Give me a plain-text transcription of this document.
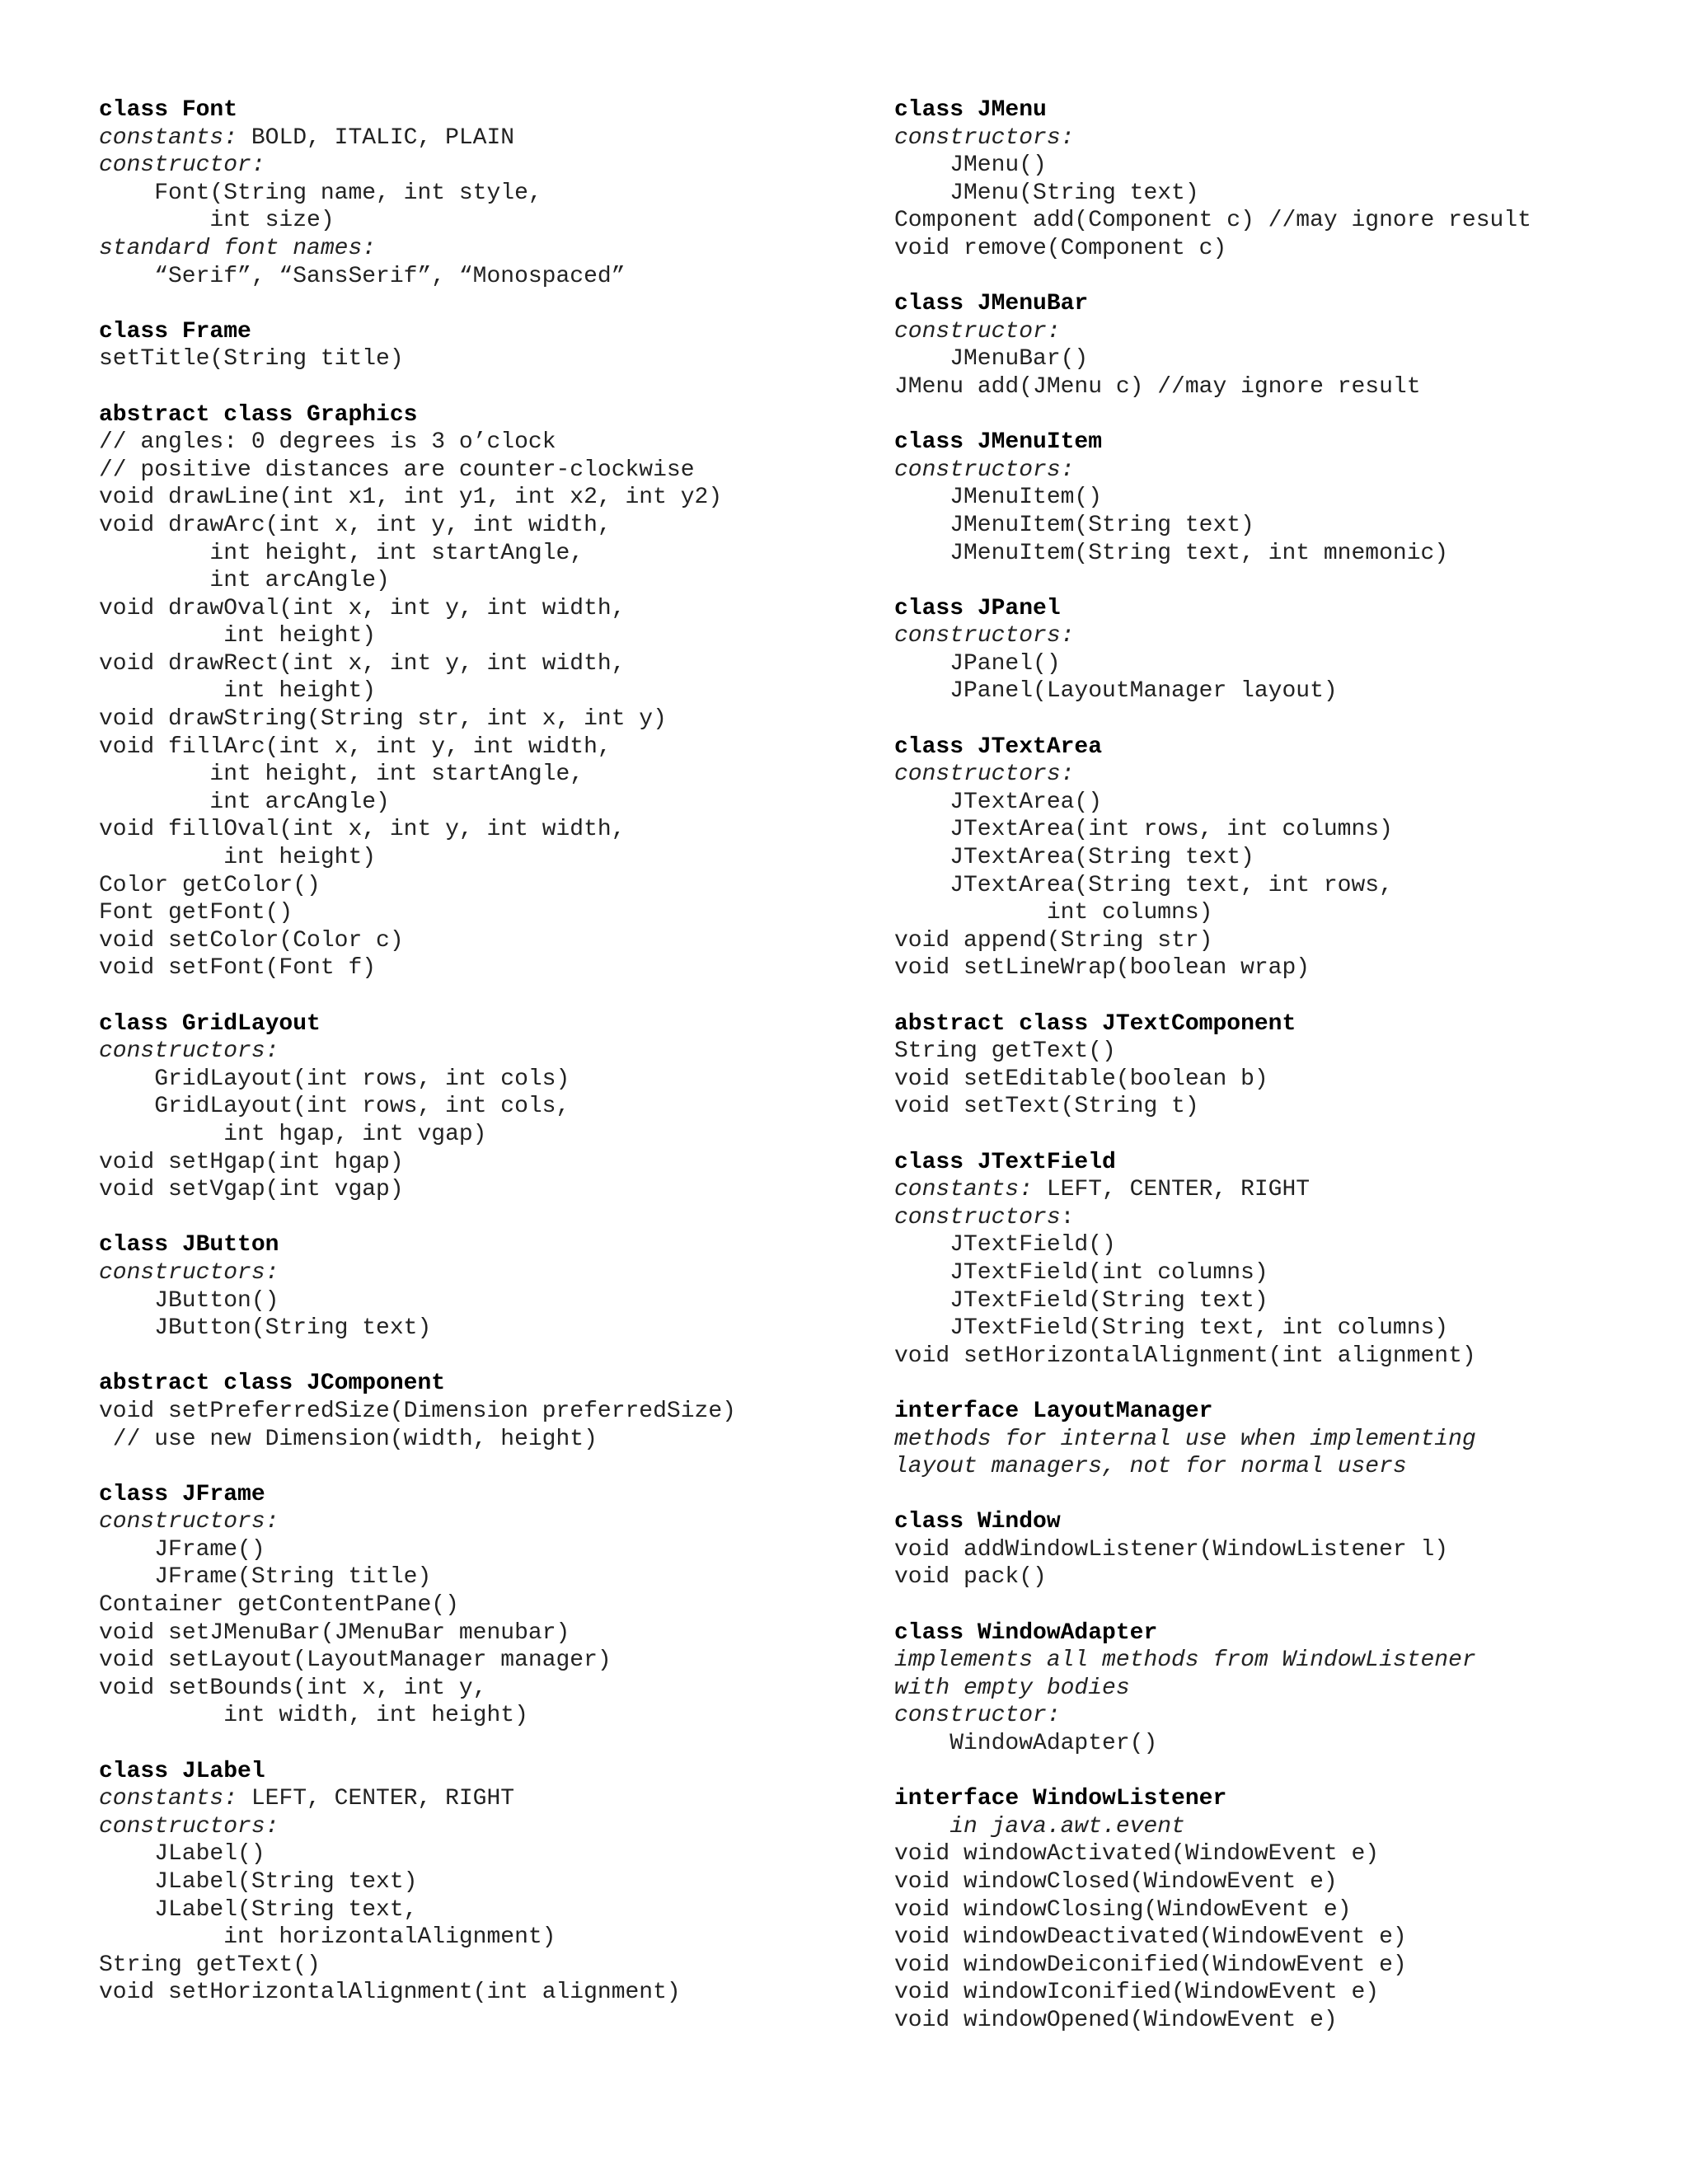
class Font
constants: BOLD, ITALIC, PLAIN
constructor:
Font(String name, int style,
int size)
standard font names:
“Serif”, “SansSerif”, “Monospaced”
class Frame
setTitle(String title)
abstract class Graphics
// angles: 0 degrees is 3 o’clock
// positive distances are counter-clockwise
void drawLine(int x1, int y1, int x2, int y2)
void drawArc(int x, int y, int width,
int height, int startAngle,
int arcAngle)
void drawOval(int x, int y, int width,
int height)
void drawRect(int x, int y, int width,
int height)
void drawString(String str, int x, int y)
void fillArc(int x, int y, int width,
int height, int startAngle,
int arcAngle)
void fillOval(int x, int y, int width,
int height)
Color getColor()
Font getFont()
void setColor(Color c)
void setFont(Font f)
class GridLayout
constructors:
GridLayout(int rows, int cols)
GridLayout(int rows, int cols,
int hgap, int vgap)
void setHgap(int hgap)
void setVgap(int vgap)
class JButton
constructors:
JButton()
JButton(String text)
abstract class JComponent
void setPreferredSize(Dimension preferredSize)
// use new Dimension(width, height)
class JFrame
constructors:
JFrame()
JFrame(String title)
Container getContentPane()
void setJMenuBar(JMenuBar menubar)
void setLayout(LayoutManager manager)
void setBounds(int x, int y,
int width, int height)
class JLabel
constants: LEFT, CENTER, RIGHT
constructors:
JLabel()
JLabel(String text)
JLabel(String text,
int horizontalAlignment)
String getText()
void setHorizontalAlignment(int alignment)
class JMenu
constructors:
JMenu()
JMenu(String text)
Component add(Component c) //may ignore result
void remove(Component c)
class JMenuBar
constructor:
JMenuBar()
JMenu add(JMenu c) //may ignore result
class JMenuItem
constructors:
JMenuItem()
JMenuItem(String text)
JMenuItem(String text, int mnemonic)
class JPanel
constructors:
JPanel()
JPanel(LayoutManager layout)
class JTextArea
constructors:
JTextArea()
JTextArea(int rows, int columns)
JTextArea(String text)
JTextArea(String text, int rows,
int columns)
void append(String str)
void setLineWrap(boolean wrap)
abstract class JTextComponent
String getText()
void setEditable(boolean b)
void setText(String t)
class JTextField
constants: LEFT, CENTER, RIGHT
constructors:
JTextField()
JTextField(int columns)
JTextField(String text)
JTextField(String text, int columns)
void setHorizontalAlignment(int alignment)
interface LayoutManager
methods for internal use when implementing
layout managers, not for normal users
class Window
void addWindowListener(WindowListener l)
void pack()
class WindowAdapter
implements all methods from WindowListener
with empty bodies
constructor:
WindowAdapter()
interface WindowListener
in java.awt.event
void windowActivated(WindowEvent e)
void windowClosed(WindowEvent e)
void windowClosing(WindowEvent e)
void windowDeactivated(WindowEvent e)
void windowDeiconified(WindowEvent e)
void windowIconified(WindowEvent e)
void windowOpened(WindowEvent e)
